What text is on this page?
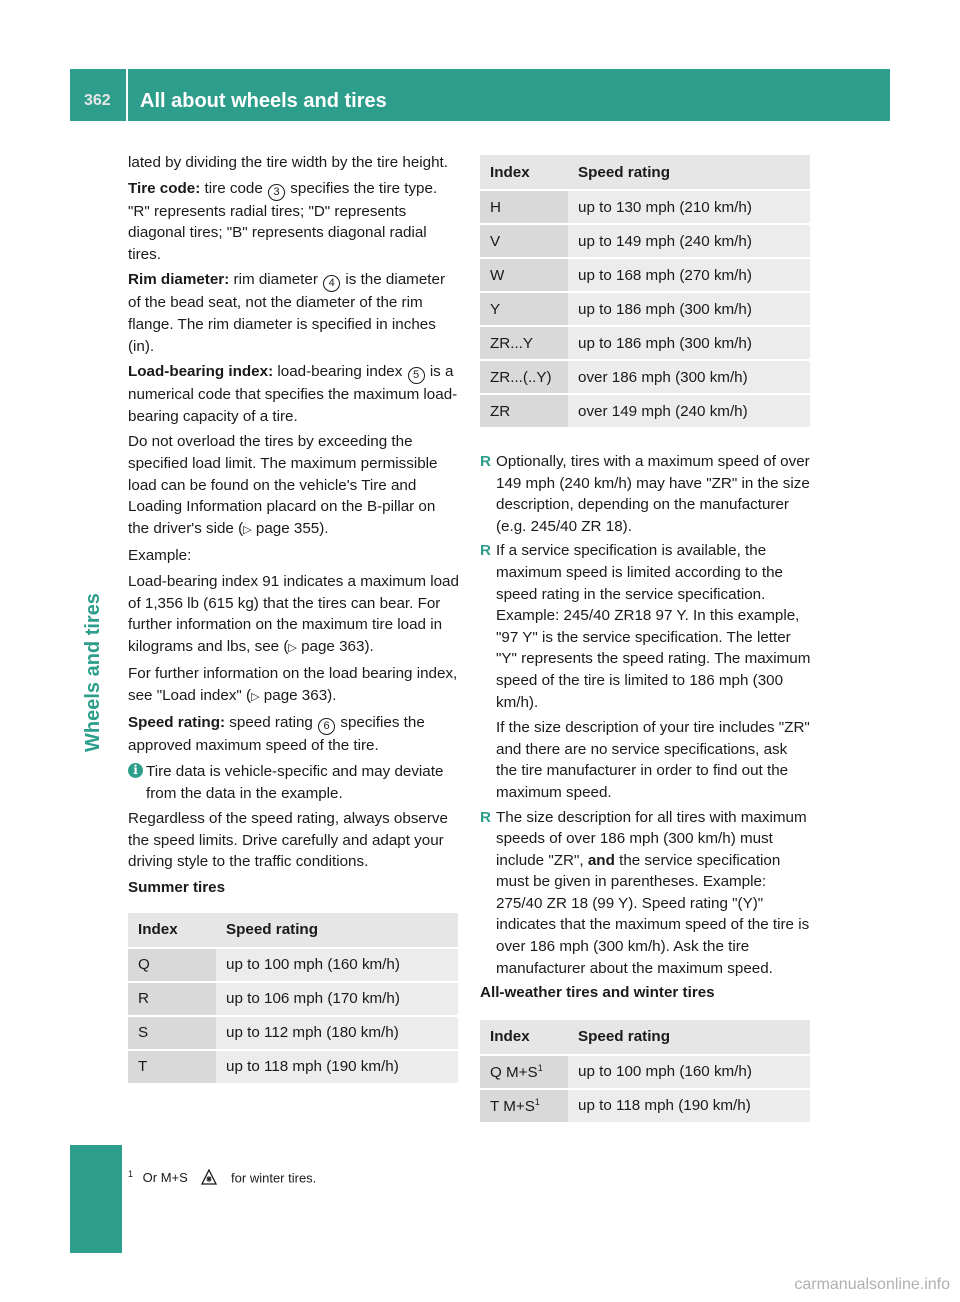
362 All about wheels and tires
Wheels and tires

lated by dividing the tire width by the tire height.

Tire code: tire code 3 specifies the tire type. "R" represents radial tires; "D" represents diagonal tires; "B" represents diagonal radial tires.

Rim diameter: rim diameter 4 is the diameter of the bead seat, not the diameter of the rim flange. The rim diameter is specified in inches (in).

Load-bearing index: load-bearing index 5 is a numerical code that specifies the maximum load-bearing capacity of a tire.

Do not overload the tires by exceeding the specified load limit. The maximum permissible load can be found on the vehicle's Tire and Loading Information placard on the B-pillar on the driver's side (▷ page 355).

Example:

Load-bearing index 91 indicates a maximum load of 1,356 lb (615 kg) that the tires can bear. For further information on the maximum tire load in kilograms and lbs, see (▷ page 363).

For further information on the load bearing index, see "Load index" (▷ page 363).

Speed rating: speed rating 6 specifies the approved maximum speed of the tire.

i Tire data is vehicle-specific and may deviate from the data in the example.

Regardless of the speed rating, always observe the speed limits. Drive carefully and adapt your driving style to the traffic conditions.

Summer tires

Index	Speed rating
Q	up to 100 mph (160 km/h)
R	up to 106 mph (170 km/h)
S	up to 112 mph (180 km/h)
T	up to 118 mph (190 km/h)
Index	Speed rating
H	up to 130 mph (210 km/h)
V	up to 149 mph (240 km/h)
W	up to 168 mph (270 km/h)
Y	up to 186 mph (300 km/h)
ZR...Y	up to 186 mph (300 km/h)
ZR...(..Y)	over 186 mph (300 km/h)
ZR	over 149 mph (240 km/h)
R Optionally, tires with a maximum speed of over 149 mph (240 km/h) may have "ZR" in the size description, depending on the manufacturer (e.g. 245/40 ZR 18).
R If a service specification is available, the maximum speed is limited according to the speed rating in the service specification. Example: 245/40 ZR18 97 Y. In this example, "97 Y" is the service specification. The letter "Y" represents the speed rating. The maximum speed of the tire is limited to 186 mph (300 km/h).
If the size description of your tire includes "ZR" and there are no service specifications, ask the tire manufacturer in order to find out the maximum speed.
R The size description for all tires with maximum speeds of over 186 mph (300 km/h) must include "ZR", and the service specification must be given in parentheses. Example: 275/40 ZR 18 (99 Y). Speed rating "(Y)" indicates that the maximum speed of the tire is over 186 mph (300 km/h). Ask the tire manufacturer about the maximum speed.

All-weather tires and winter tires

Index	Speed rating
Q $M+S^1$	up to 100 mph (160 km/h)
T $M+S^1$	up to 118 mph (190 km/h)
$^1$ Or M+S	for winter tires.
carmanualsonline.info
